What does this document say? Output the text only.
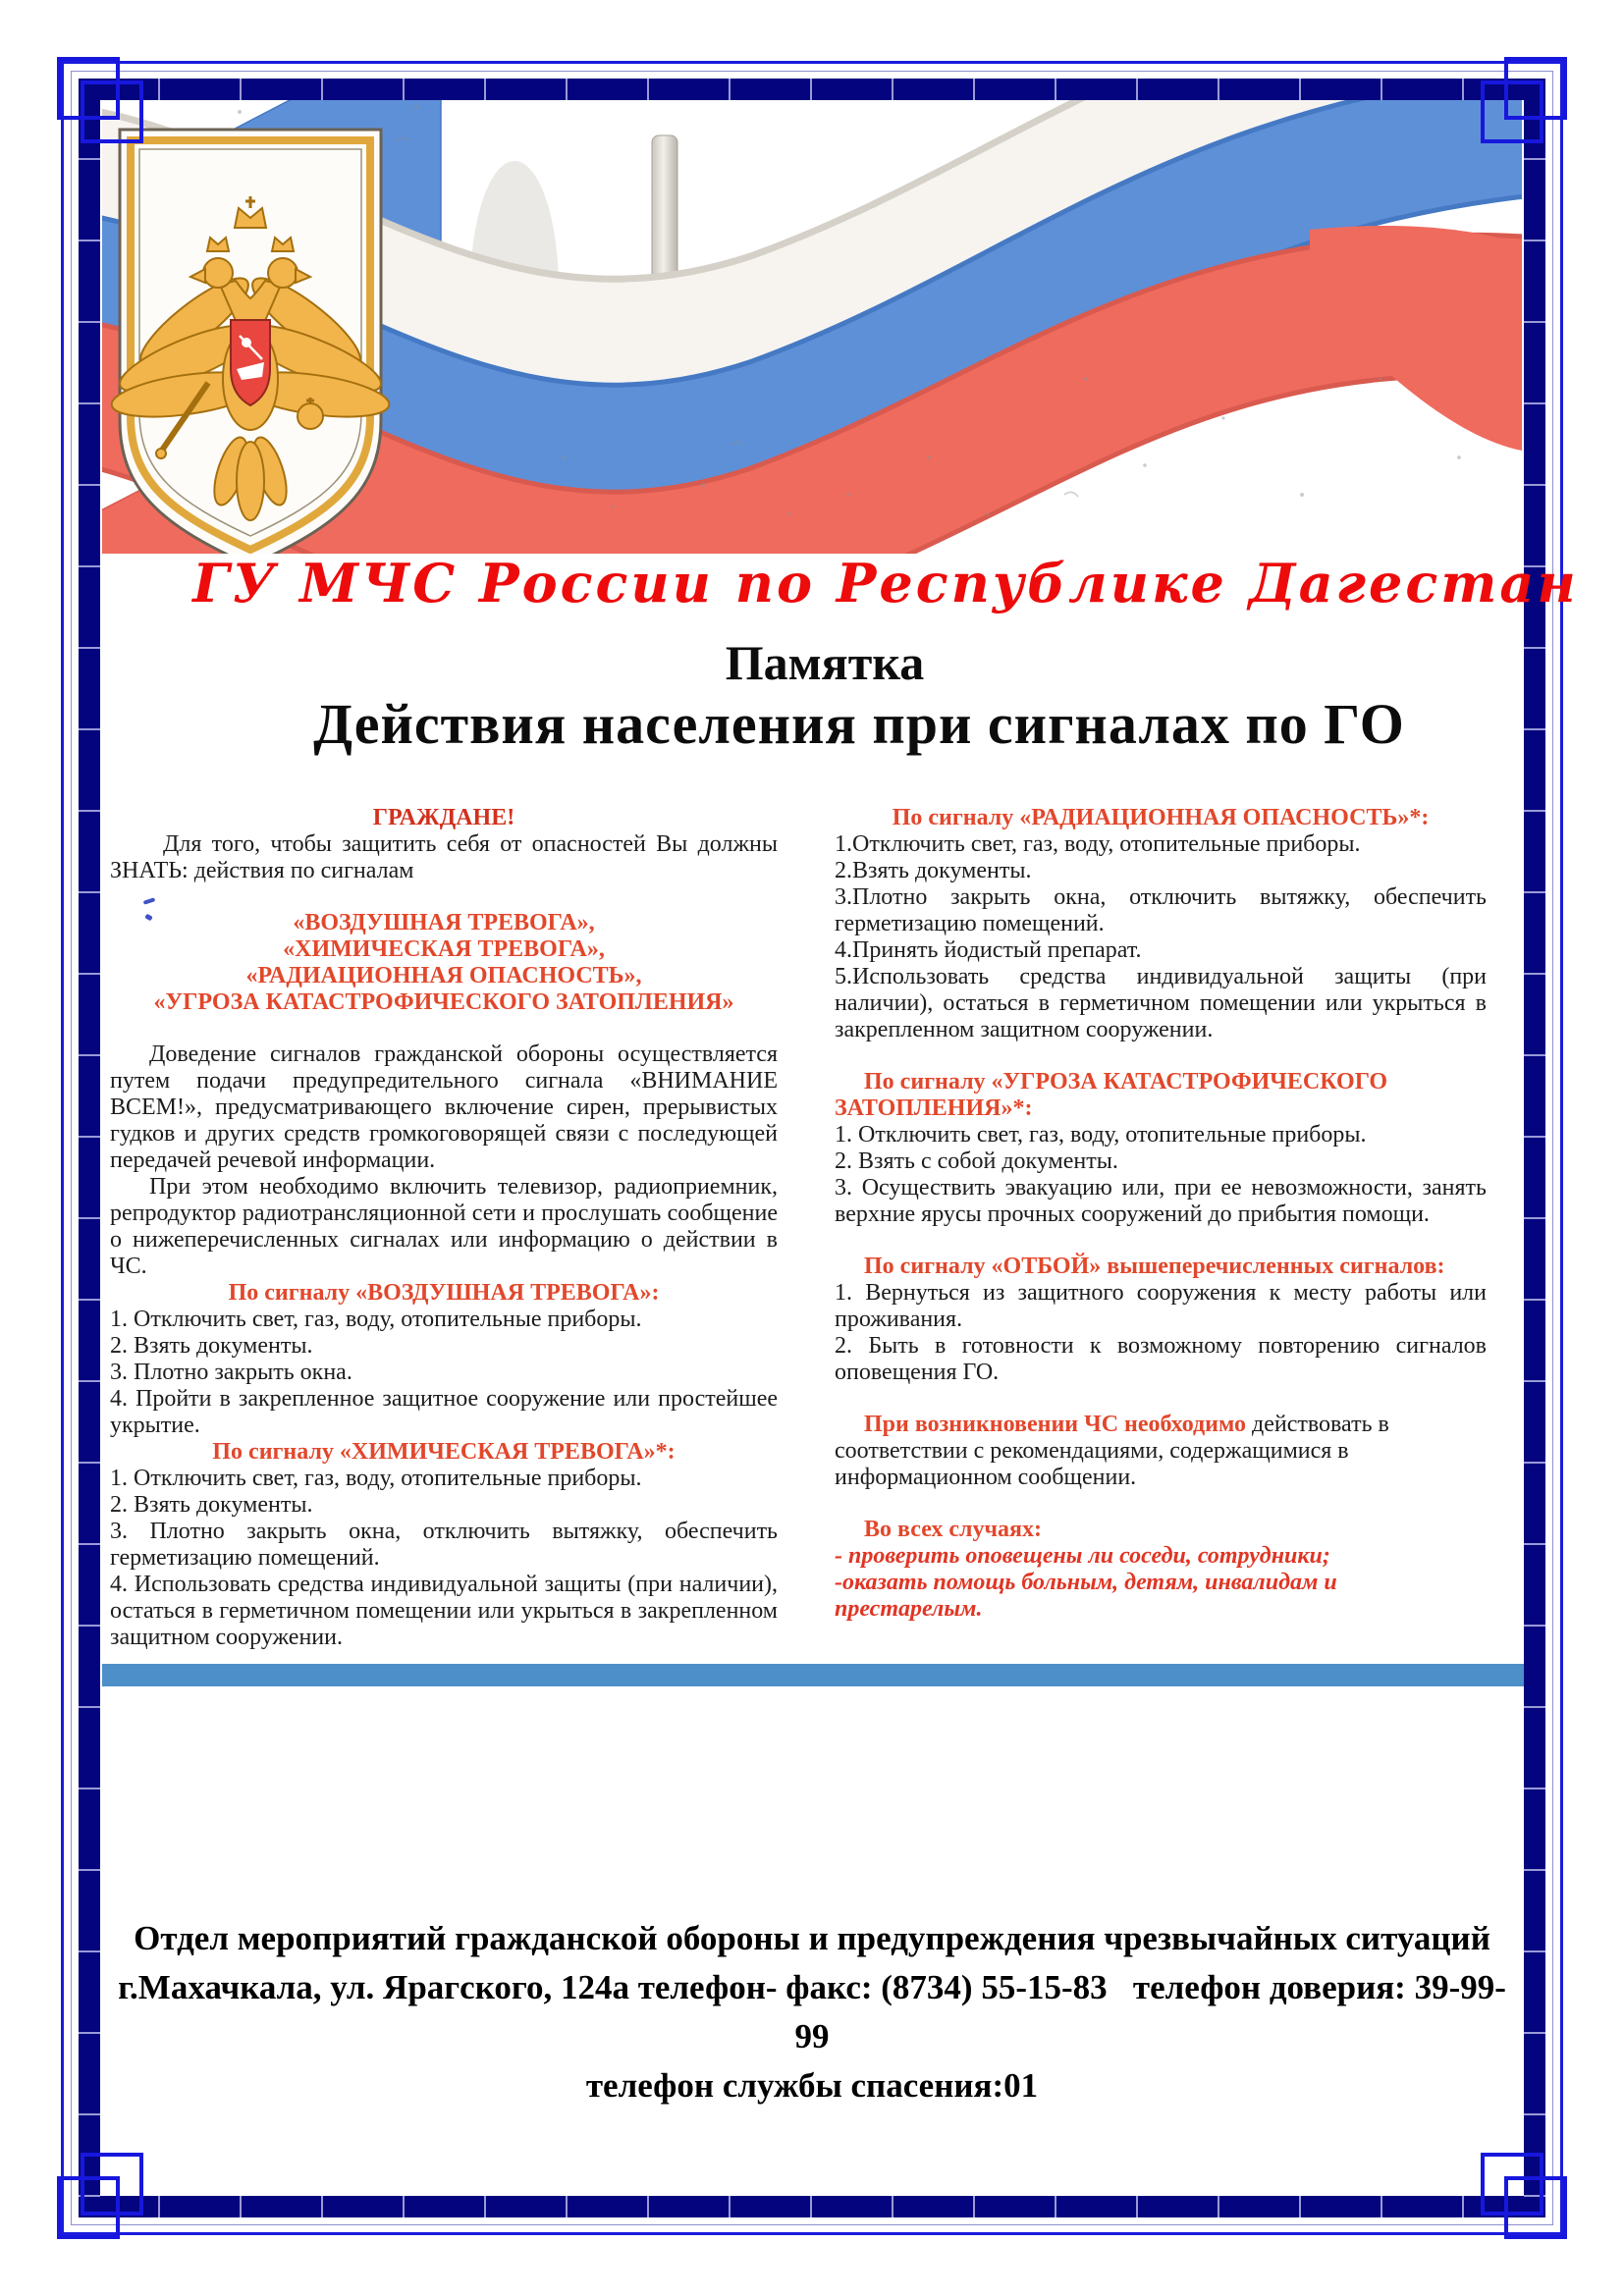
ГУ МЧС России по Республике Дагестан
Памятка
Действия населения при сигналах по ГО
ГРАЖДАНЕ!

Для того, чтобы защитить себя от опасностей Вы должны ЗНАТЬ: действия по сигналам

«ВОЗДУШНАЯ ТРЕВОГА»,
«ХИМИЧЕСКАЯ ТРЕВОГА»,
«РАДИАЦИОННАЯ ОПАСНОСТЬ»,
«УГРОЗА КАТАСТРОФИЧЕСКОГО ЗАТОПЛЕНИЯ»

Доведение сигналов гражданской обороны осуществляется путем подачи предупредительного сигнала «ВНИМАНИЕ ВСЕМ!», предусматривающего включение сирен, прерывистых гудков и других средств громкоговорящей связи с последующей передачей речевой информации.

При этом необходимо включить телевизор, радиоприемник, репродуктор радиотрансляционной сети и прослушать сообщение о нижеперечисленных сигналах или информацию о действии в ЧС.

По сигналу «ВОЗДУШНАЯ ТРЕВОГА»:
1. Отключить свет, газ, воду, отопительные приборы.
2. Взять документы.
3. Плотно закрыть окна.
4. Пройти в закрепленное защитное сооружение или простейшее укрытие.
По сигналу «ХИМИЧЕСКАЯ ТРЕВОГА»*:
1. Отключить свет, газ, воду, отопительные приборы.
2. Взять документы.
3. Плотно закрыть окна, отключить вытяжку, обеспечить герметизацию помещений.
4. Использовать средства индивидуальной защиты (при наличии), остаться в герметичном помещении или укрыться в закрепленном защитном сооружении.
По сигналу «РАДИАЦИОННАЯ ОПАСНОСТЬ»*:
1.Отключить свет, газ, воду, отопительные приборы.
2.Взять документы.
3.Плотно закрыть окна, отключить вытяжку, обеспечить герметизацию помещений.
4.Принять йодистый препарат.
5.Использовать средства индивидуальной защиты (при наличии), остаться в герметичном помещении или укрыться в закрепленном защитном сооружении.
По сигналу «УГРОЗА КАТАСТРОФИЧЕСКОГО ЗАТОПЛЕНИЯ»*:
1. Отключить свет, газ, воду, отопительные приборы.
2. Взять с собой документы.
3. Осуществить эвакуацию или, при ее невозможности, занять верхние ярусы прочных сооружений до прибытия помощи.
По сигналу «ОТБОЙ» вышеперечисленных сигналов:
1. Вернуться из защитного сооружения к месту работы или проживания.
2. Быть в готовности к возможному повторению сигналов оповещения ГО.

При возникновении ЧС необходимо действовать в соответствии с рекомендациями, содержащимися в информационном сообщении.

Во всех случаях:
- проверить оповещены ли соседи, сотрудники;
-оказать помощь больным, детям, инвалидам и престарелым.
Отдел мероприятий гражданской обороны и предупреждения чрезвычайных ситуаций
г.Махачкала, ул. Ярагского, 124а телефон- факс: (8734) 55-15-83   телефон доверия: 39-99-99
телефон службы спасения:01
